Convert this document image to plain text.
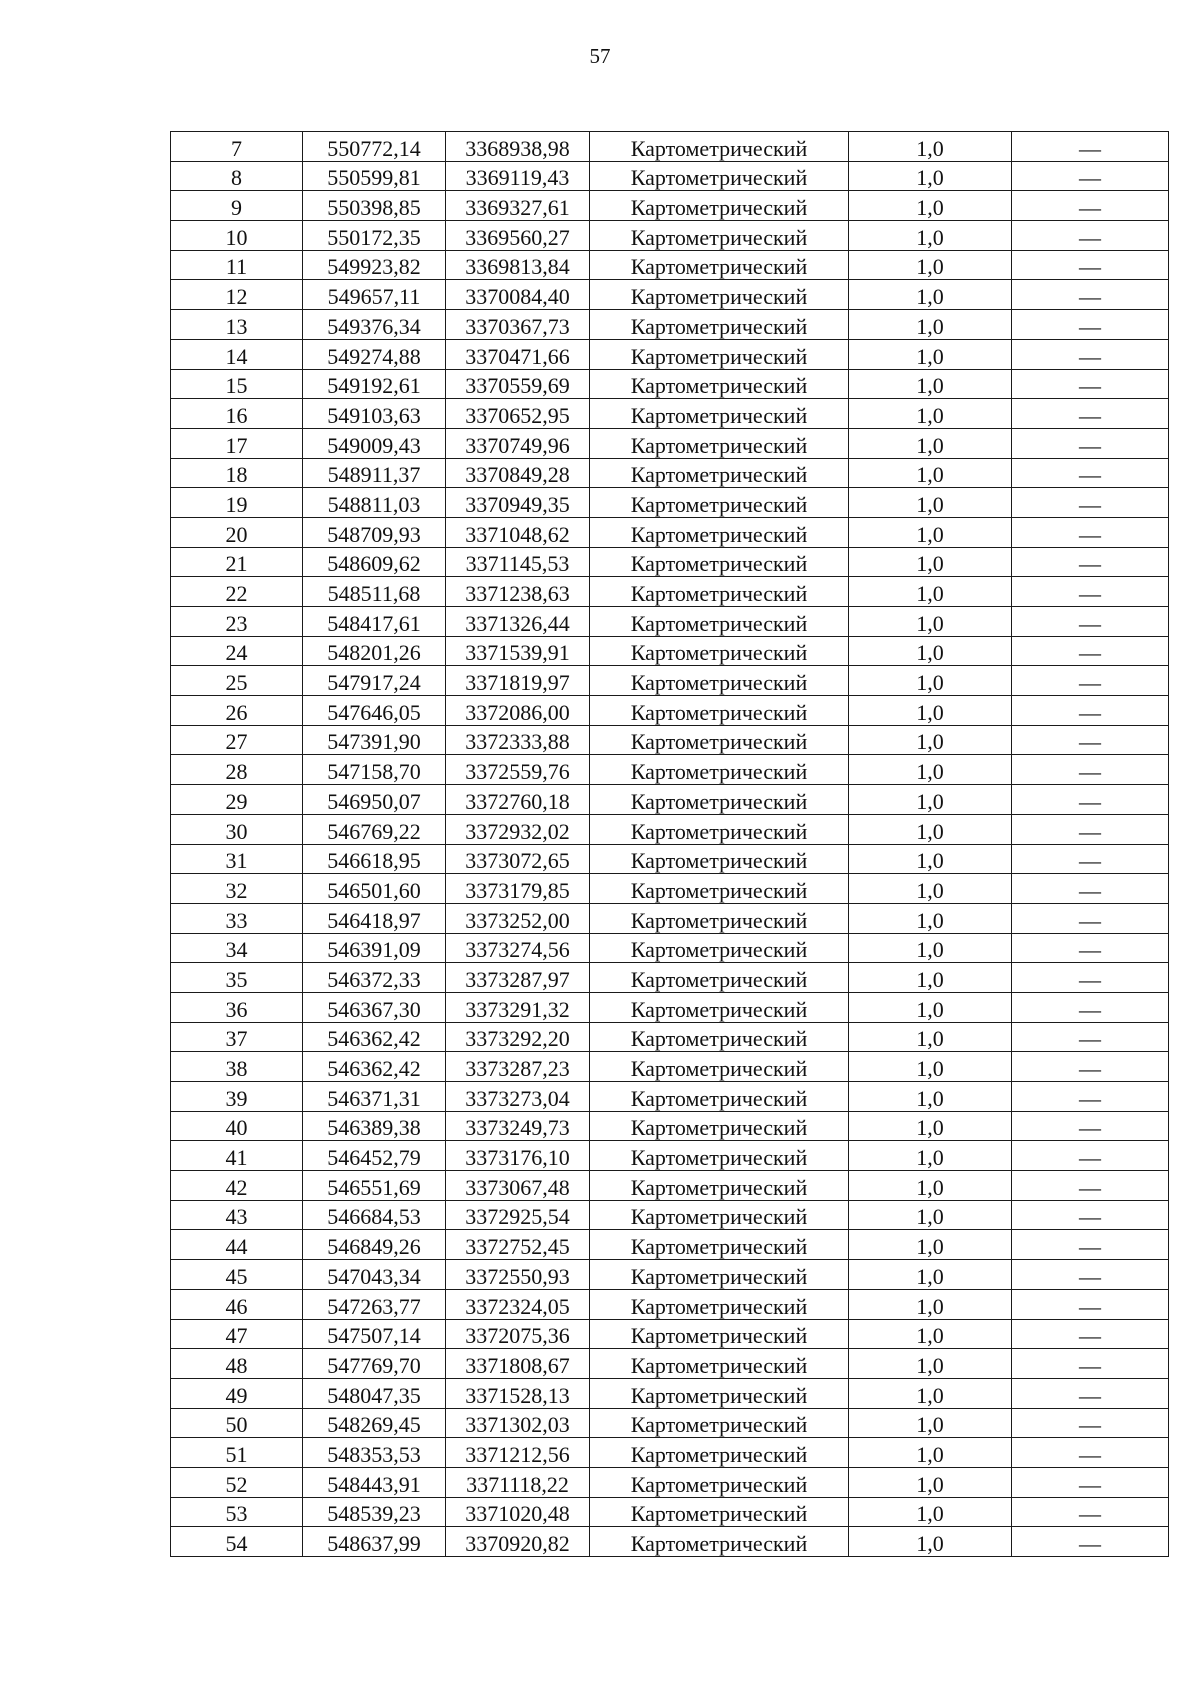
57
7	550772,14	3368938,98	Картометрический	1,0	—
8	550599,81	3369119,43	Картометрический	1,0	—
9	550398,85	3369327,61	Картометрический	1,0	—
10	550172,35	3369560,27	Картометрический	1,0	—
11	549923,82	3369813,84	Картометрический	1,0	—
12	549657,11	3370084,40	Картометрический	1,0	—
13	549376,34	3370367,73	Картометрический	1,0	—
14	549274,88	3370471,66	Картометрический	1,0	—
15	549192,61	3370559,69	Картометрический	1,0	—
16	549103,63	3370652,95	Картометрический	1,0	—
17	549009,43	3370749,96	Картометрический	1,0	—
18	548911,37	3370849,28	Картометрический	1,0	—
19	548811,03	3370949,35	Картометрический	1,0	—
20	548709,93	3371048,62	Картометрический	1,0	—
21	548609,62	3371145,53	Картометрический	1,0	—
22	548511,68	3371238,63	Картометрический	1,0	—
23	548417,61	3371326,44	Картометрический	1,0	—
24	548201,26	3371539,91	Картометрический	1,0	—
25	547917,24	3371819,97	Картометрический	1,0	—
26	547646,05	3372086,00	Картометрический	1,0	—
27	547391,90	3372333,88	Картометрический	1,0	—
28	547158,70	3372559,76	Картометрический	1,0	—
29	546950,07	3372760,18	Картометрический	1,0	—
30	546769,22	3372932,02	Картометрический	1,0	—
31	546618,95	3373072,65	Картометрический	1,0	—
32	546501,60	3373179,85	Картометрический	1,0	—
33	546418,97	3373252,00	Картометрический	1,0	—
34	546391,09	3373274,56	Картометрический	1,0	—
35	546372,33	3373287,97	Картометрический	1,0	—
36	546367,30	3373291,32	Картометрический	1,0	—
37	546362,42	3373292,20	Картометрический	1,0	—
38	546362,42	3373287,23	Картометрический	1,0	—
39	546371,31	3373273,04	Картометрический	1,0	—
40	546389,38	3373249,73	Картометрический	1,0	—
41	546452,79	3373176,10	Картометрический	1,0	—
42	546551,69	3373067,48	Картометрический	1,0	—
43	546684,53	3372925,54	Картометрический	1,0	—
44	546849,26	3372752,45	Картометрический	1,0	—
45	547043,34	3372550,93	Картометрический	1,0	—
46	547263,77	3372324,05	Картометрический	1,0	—
47	547507,14	3372075,36	Картометрический	1,0	—
48	547769,70	3371808,67	Картометрический	1,0	—
49	548047,35	3371528,13	Картометрический	1,0	—
50	548269,45	3371302,03	Картометрический	1,0	—
51	548353,53	3371212,56	Картометрический	1,0	—
52	548443,91	3371118,22	Картометрический	1,0	—
53	548539,23	3371020,48	Картометрический	1,0	—
54	548637,99	3370920,82	Картометрический	1,0	—
